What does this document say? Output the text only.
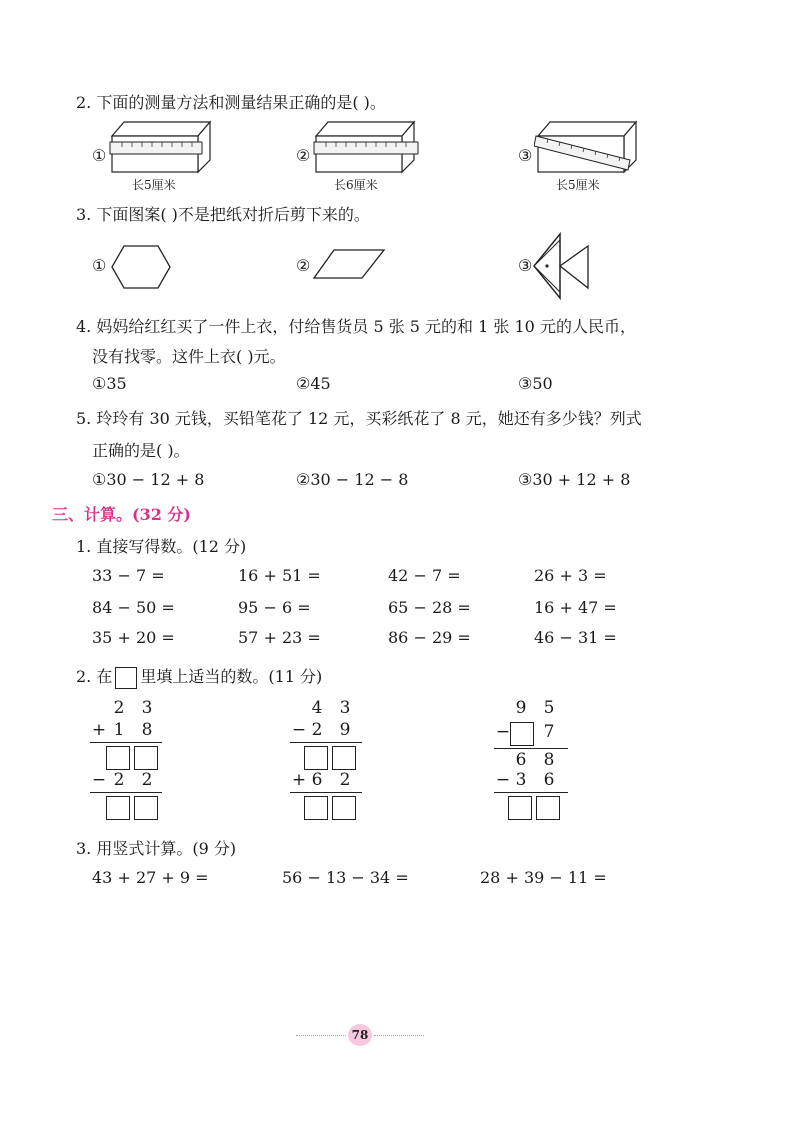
2. 下面的测量方法和测量结果正确的是( )。
①
长5厘米
②
长6厘米
③
长5厘米
3. 下面图案( )不是把纸对折后剪下来的。
①	②	③
4. 妈妈给红红买了一件上衣，付给售货员 5 张 5 元的和 1 张 10 元的人民币，
没有找零。这件上衣( )元。
①35	②45	③50
5. 玲玲有 30 元钱，买铅笔花了 12 元，买彩纸花了 8 元，她还有多少钱？列式
正确的是( )。
①30 − 12 + 8	②30 − 12 − 8	③30 + 12 + 8
三、计算。(32 分)
1. 直接写得数。(12 分)
33 − 7 =	16 + 51 =	42 − 7 =	26 + 3 =
84 − 50 =	95 − 6 =	65 − 28 =	16 + 47 =
35 + 20 =	57 + 23 =	86 − 29 =	46 − 31 =
2. 在 里填上适当的数。(11 分)
2	3
+ 1	8
− 2	2
4	3
− 2	9
+ 6	2
9	5
−	7
6	8
− 3	6
3. 用竖式计算。(9 分)
43 + 27 + 9 =	56 − 13 − 34 =	28 + 39 − 11 =
78
